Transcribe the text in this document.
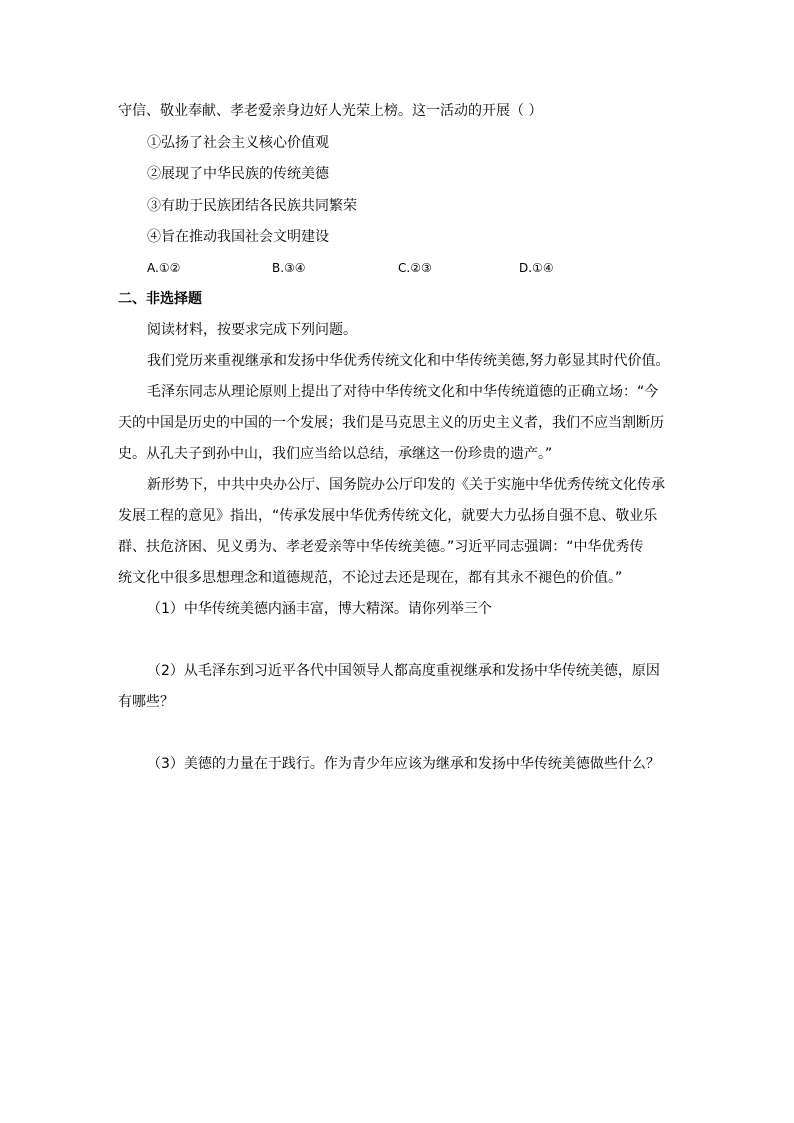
守信、敬业奉献、孝老爱亲身边好人光荣上榜。这一活动的开展（ ）
①弘扬了社会主义核心价值观
②展现了中华民族的传统美德
③有助于民族团结各民族共同繁荣
④旨在推动我国社会文明建设
A.①②	B.③④	C.②③	D.①④
二、非选择题
阅读材料，按要求完成下列问题。
我们党历来重视继承和发扬中华优秀传统文化和中华传统美德,努力彰显其时代价值。
毛泽东同志从理论原则上提出了对待中华传统文化和中华传统道德的正确立场：“今
天的中国是历史的中国的一个发展；我们是马克思主义的历史主义者，我们不应当割断历
史。从孔夫子到孙中山，我们应当给以总结，承继这一份珍贵的遗产。”
新形势下，中共中央办公厅、国务院办公厅印发的《关于实施中华优秀传统文化传承
发展工程的意见》指出，“传承发展中华优秀传统文化，就要大力弘扬自强不息、敬业乐
群、扶危济困、见义勇为、孝老爱亲等中华传统美德。”习近平同志强调：“中华优秀传
统文化中很多思想理念和道德规范，不论过去还是现在，都有其永不褪色的价值。”
（1）中华传统美德内涵丰富，博大精深。请你列举三个
（2）从毛泽东到习近平各代中国领导人都高度重视继承和发扬中华传统美德，原因
有哪些？
（3）美德的力量在于践行。作为青少年应该为继承和发扬中华传统美德做些什么？
